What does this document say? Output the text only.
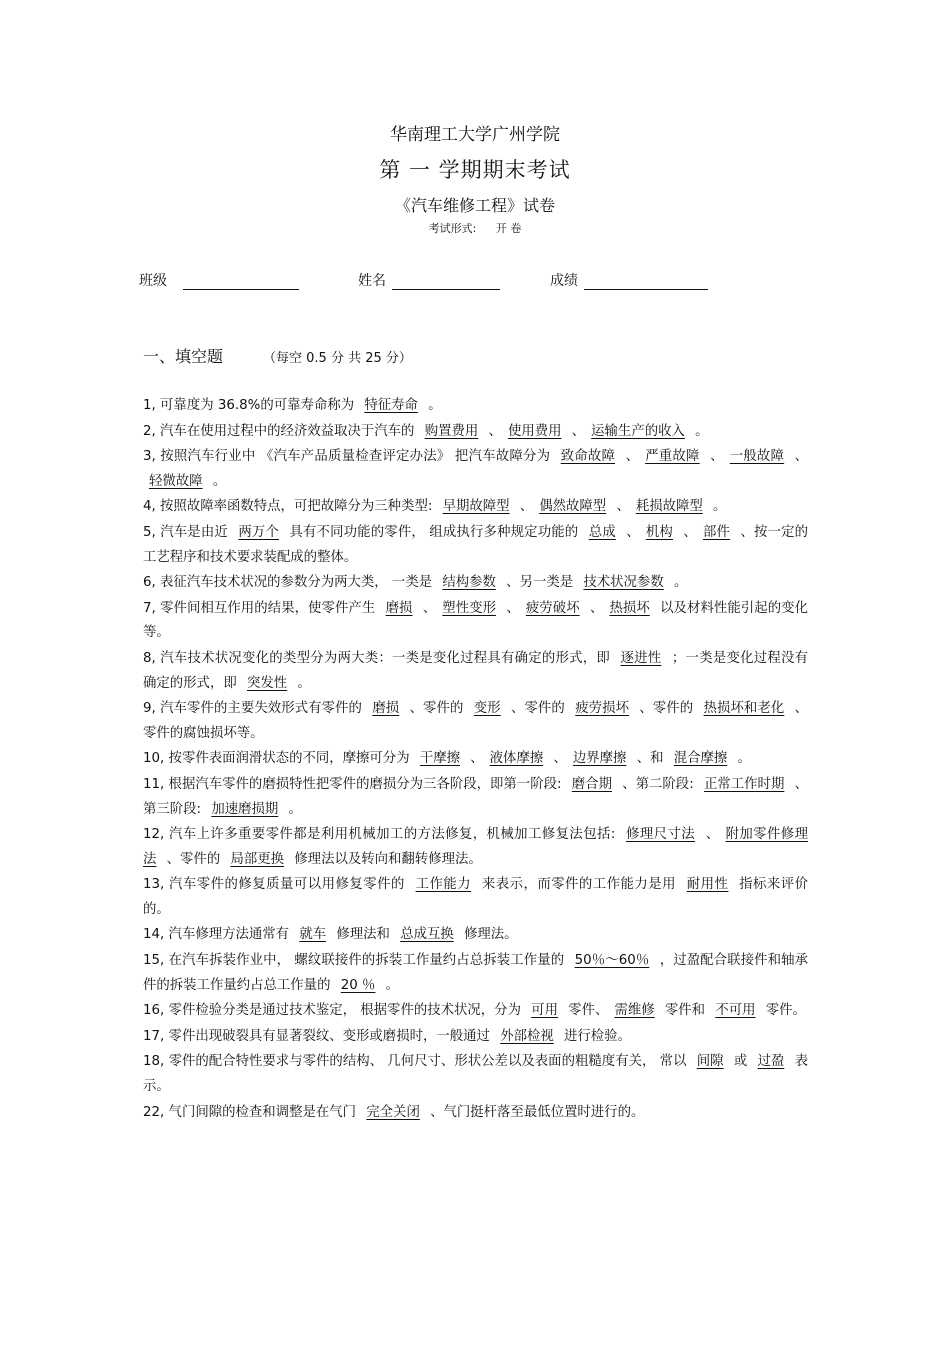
华南理工大学广州学院
第 一 学期期末考试
《汽车维修工程》试卷
考试形式: 开 卷
班级	姓名	成绩
一、填空题	（每空 0.5 分 共 25 分）

1, 可靠度为 36.8%的可靠寿命称为 特征寿命 。

2, 汽车在使用过程中的经济效益取决于汽车的 购置费用 、 使用费用 、 运输生产的收入 。

3, 按照汽车行业中 《汽车产品质量检查评定办法》 把汽车故障分为 致命故障 、 严重故障 、 一般故障 、轻微故障 。

4, 按照故障率函数特点，可把故障分为三种类型: 早期故障型 、 偶然故障型 、 耗损故障型 。

5, 汽车是由近 两万个 具有不同功能的零件， 组成执行多种规定功能的 总成 、 机构 、 部件 、按一定的工艺程序和技术要求装配成的整体。

6, 表征汽车技术状况的参数分为两大类， 一类是 结构参数 、另一类是 技术状况参数 。

7, 零件间相互作用的结果，使零件产生 磨损 、 塑性变形 、 疲劳破坏 、 热损坏 以及材料性能引起的变化等。

8, 汽车技术状况变化的类型分为两大类：一类是变化过程具有确定的形式，即 逐进性 ；一类是变化过程没有确定的形式，即 突发性 。

9, 汽车零件的主要失效形式有零件的 磨损 、零件的 变形 、零件的 疲劳损坏 、零件的 热损坏和老化 、零件的腐蚀损坏等。

10, 按零件表面润滑状态的不同，摩擦可分为 干摩擦 、 液体摩擦 、 边界摩擦 、和 混合摩擦 。

11, 根据汽车零件的磨损特性把零件的磨损分为三各阶段，即第一阶段: 磨合期 、第二阶段: 正常工作时期 、第三阶段: 加速磨损期 。

12, 汽车上许多重要零件都是利用机械加工的方法修复，机械加工修复法包括: 修理尺寸法 、 附加零件修理法 、零件的 局部更换 修理法以及转向和翻转修理法。

13, 汽车零件的修复质量可以用修复零件的 工作能力 来表示，而零件的工作能力是用 耐用性 指标来评价的。

14, 汽车修理方法通常有 就车 修理法和 总成互换 修理法。

15, 在汽车拆装作业中， 螺纹联接件的拆装工作量约占总拆装工作量的 50％～60％ ，过盈配合联接件和轴承件的拆装工作量约占总工作量的 20 ％ 。

16, 零件检验分类是通过技术鉴定， 根据零件的技术状况，分为 可用 零件、 需维修 零件和 不可用 零件。

17, 零件出现破裂具有显著裂纹、变形或磨损时，一般通过 外部检视 进行检验。

18, 零件的配合特性要求与零件的结构、 几何尺寸、形状公差以及表面的粗糙度有关， 常以 间隙 或 过盈 表示。

22, 气门间隙的检查和调整是在气门 完全关闭 、气门挺杆落至最低位置时进行的。
